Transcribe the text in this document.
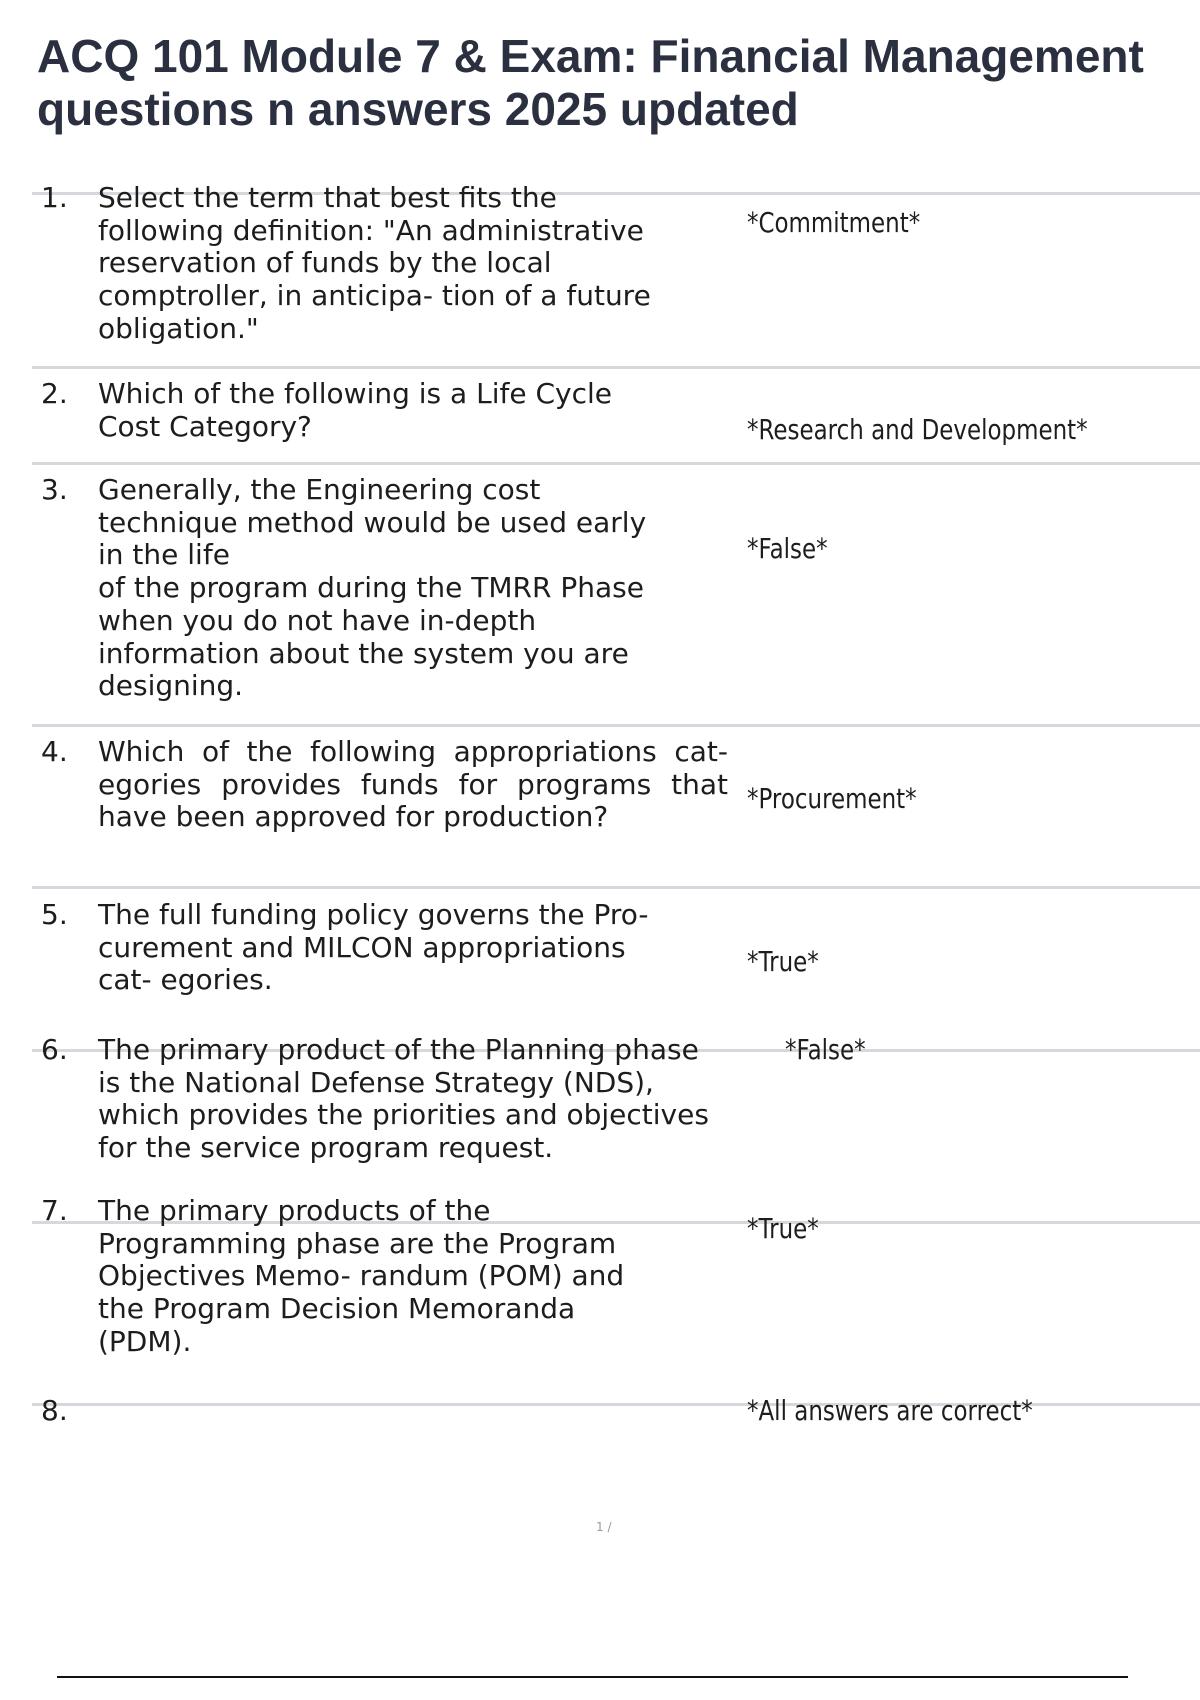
ACQ 101 Module 7 & Exam: Financial Management questions n answers 2025 updated
1. Select the term that best fits the
following definition: "An administrative
reservation of funds by the local
comptroller, in anticipa- tion of a future
obligation."
*Commitment*
2. Which of the following is a Life Cycle
Cost Category?	*Research and Development*
3. Generally, the Engineering cost
technique method would be used early
in the life
of the program during the TMRR Phase
when you do not have in-depth
information about the system you are
designing.
*False*
4. Which of the following appropriations cat- egories provides funds for programs that have been approved for production?
*Procurement*
5. The full funding policy governs the Pro-
curement and MILCON appropriations
cat- egories.
*True*
6. The primary product of the Planning phase
is the National Defense Strategy (NDS),
which provides the priorities and objectives
for the service program request.
*False*
7. The primary products of the
Programming phase are the Program
Objectives Memo- randum (POM) and
the Program Decision Memoranda
(PDM).
*True*
8.	*All answers are correct*
1 /
